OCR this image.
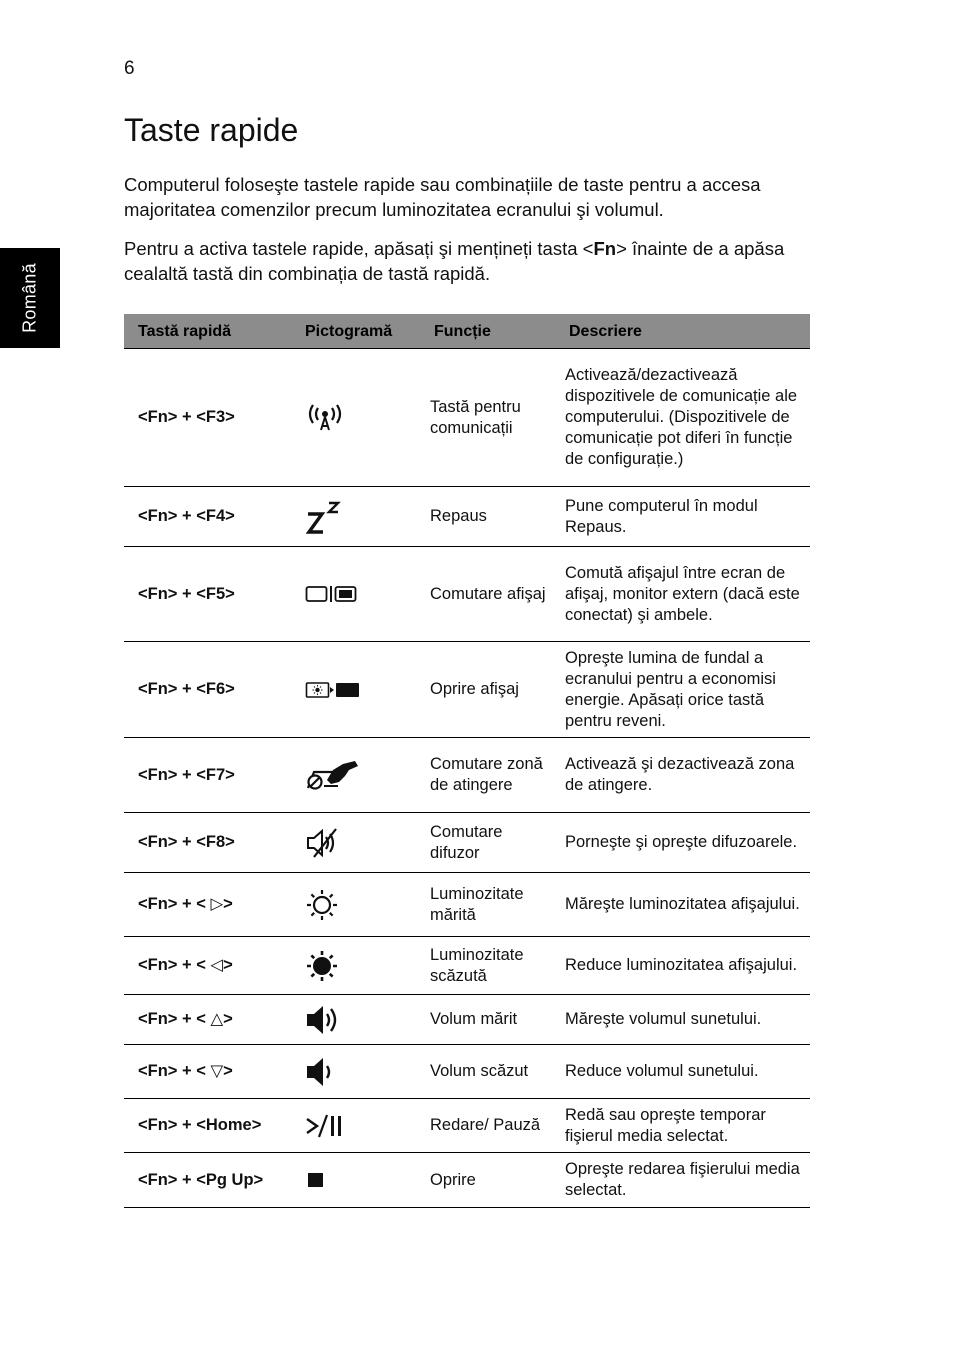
6
Română
Taste rapide

Computerul foloseşte tastele rapide sau combinațiile de taste pentru a accesa majoritatea comenzilor precum luminozitatea ecranului şi volumul.

Pentru a activa tastele rapide, apăsați şi mențineți tasta <Fn> înainte de a apăsa cealaltă tastă din combinația de tastă rapidă.

Tastă rapidă	Pictogramă	Funcție	Descriere
<Fn> + <F3>		Tastă pentru comunicații	Activează/dezactivează dispozitivele de comunicație ale computerului. (Dispozitivele de comunicație pot diferi în funcție de configurație.)
<Fn> + <F4>		Repaus	Pune computerul în modul Repaus.
<Fn> + <F5>		Comutare afişaj	Comută afişajul între ecran de afişaj, monitor extern (dacă este conectat) şi ambele.
<Fn> + <F6>		Oprire afişaj	Opreşte lumina de fundal a ecranului pentru a economisi energie. Apăsați orice tastă pentru reveni.
<Fn> + <F7>		Comutare zonă de atingere	Activează şi dezactivează zona de atingere.
<Fn> + <F8>		Comutare difuzor	Porneşte şi opreşte difuzoarele.
<Fn> + < ▷>		Luminozitate mărită	Măreşte luminozitatea afişajului.
<Fn> + < ◁>		Luminozitate scăzută	Reduce luminozitatea afişajului.
<Fn> + < △>		Volum mărit	Măreşte volumul sunetului.
<Fn> + < ▽>		Volum scăzut	Reduce volumul sunetului.
<Fn> + <Home>		Redare/ Pauză	Redă sau opreşte temporar fişierul media selectat.
<Fn> + <Pg Up>		Oprire	Opreşte redarea fişierului media selectat.
